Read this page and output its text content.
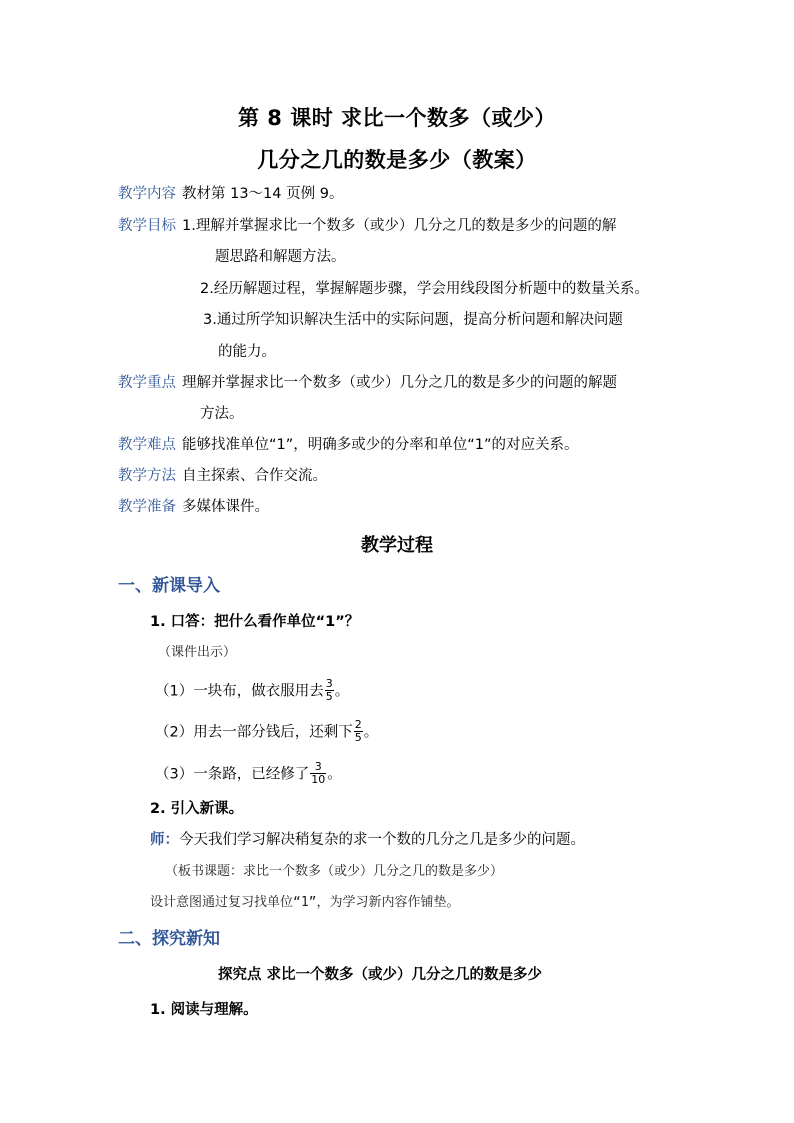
第 8 课时 求比一个数多（或少）
几分之几的数是多少（教案）
教学内容 教材第 13～14 页例 9。
教学目标 1.理解并掌握求比一个数多（或少）几分之几的数是多少的问题的解
题思路和解题方法。
2.经历解题过程，掌握解题步骤，学会用线段图分析题中的数量关系。
3.通过所学知识解决生活中的实际问题，提高分析问题和解决问题
的能力。
教学重点 理解并掌握求比一个数多（或少）几分之几的数是多少的问题的解题
方法。
教学难点 能够找准单位“1”，明确多或少的分率和单位“1”的对应关系。
教学方法 自主探索、合作交流。
教学准备 多媒体课件。
教学过程
一、新课导入
1. 口答：把什么看作单位“1”？
（课件出示）
（1）一块布，做衣服用去 $\frac{3}{5}$ 。
（2）用去一部分钱后，还剩下 $\frac{2}{5}$ 。
（3）一条路，已经修了 $\frac{3}{10}$ 。
2. 引入新课。
师：今天我们学习解决稍复杂的求一个数的几分之几是多少的问题。
（板书课题：求比一个数多（或少）几分之几的数是多少）
设计意图通过复习找单位“1”，为学习新内容作铺垫。
二、探究新知
探究点 求比一个数多（或少）几分之几的数是多少
1. 阅读与理解。
